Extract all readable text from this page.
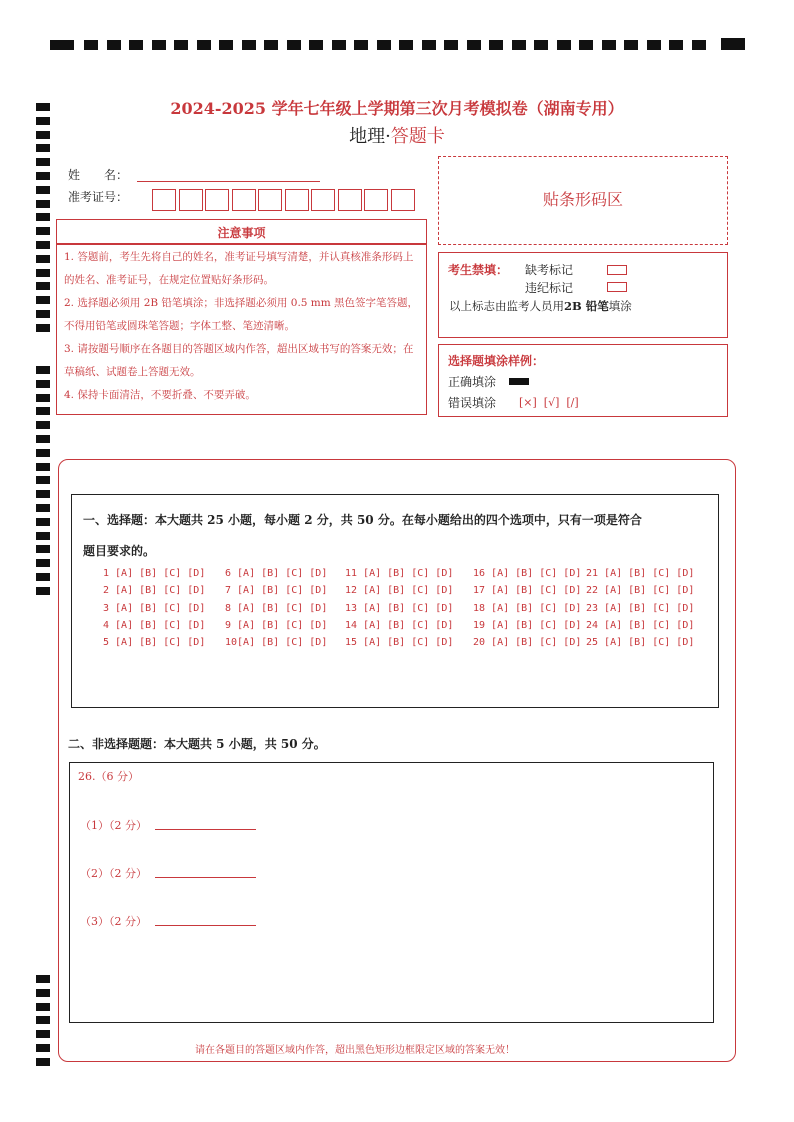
2024-2025 学年七年级上学期第三次月考模拟卷（湖南专用）
地理·答题卡
姓　　名：
准考证号：	贴条形码区
注意事项
1. 答题前，考生先将自己的姓名，准考证号填写清楚，并认真核准条形码上的姓名、准考证号，在规定位置贴好条形码。
2. 选择题必须用 2B 铅笔填涂；非选择题必须用 0.5 mm 黑色签字笔答题，不得用铅笔或圆珠笔答题；字体工整、笔迹清晰。
3. 请按题号顺序在各题目的答题区域内作答，超出区域书写的答案无效；在草稿纸、试题卷上答题无效。
4. 保持卡面清洁，不要折叠、不要弄破。
考生禁填： 缺考标记
违纪标记
以上标志由监考人员用2B 铅笔填涂
选择题填涂样例：
正确填涂
错误填涂 [×]  [√]  [/]
一、选择题：本大题共 25 小题，每小题 2 分，共 50 分。在每小题给出的四个选项中，只有一项是符合
题目要求的。
二、非选择题题：本大题共 5 小题，共 50 分。
26.（6 分）
（1）（2 分）
（2）（2 分）
（3）（2 分）
请在各题目的答题区域内作答，超出黑色矩形边框限定区域的答案无效！
1 [A] [B] [C] [D]
2 [A] [B] [C] [D]
3 [A] [B] [C] [D]
4 [A] [B] [C] [D]
5 [A] [B] [C] [D]
6 [A] [B] [C] [D]
7 [A] [B] [C] [D]
8 [A] [B] [C] [D]
9 [A] [B] [C] [D]
10[A] [B] [C] [D]
11 [A] [B] [C] [D]
12 [A] [B] [C] [D]
13 [A] [B] [C] [D]
14 [A] [B] [C] [D]
15 [A] [B] [C] [D]
16 [A] [B] [C] [D]
17 [A] [B] [C] [D]
18 [A] [B] [C] [D]
19 [A] [B] [C] [D]
20 [A] [B] [C] [D]
21 [A] [B] [C] [D]
22 [A] [B] [C] [D]
23 [A] [B] [C] [D]
24 [A] [B] [C] [D]
25 [A] [B] [C] [D]
